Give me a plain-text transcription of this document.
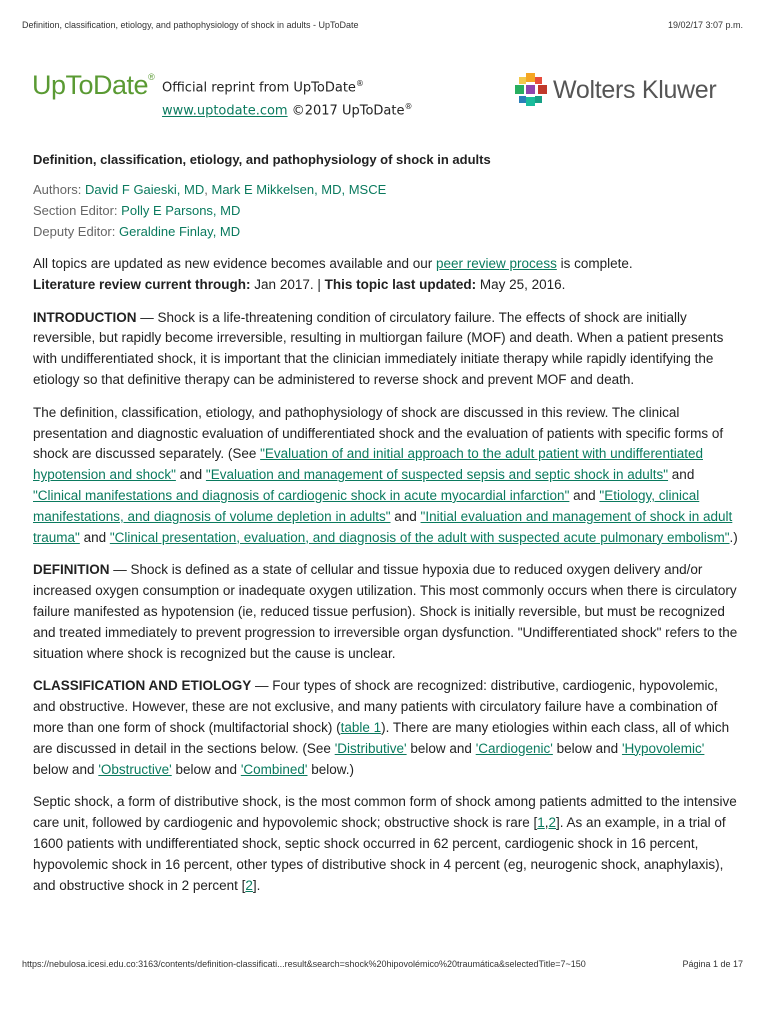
Definition, classification, etiology, and pathophysiology of shock in adults - UpToDate	19/02/17 3:07 p.m.
UpToDate®
Official reprint from UpToDate®
www.uptodate.com ©2017 UpToDate®
Wolters Kluwer
Definition, classification, etiology, and pathophysiology of shock in adults
Authors: David F Gaieski, MD, Mark E Mikkelsen, MD, MSCE
Section Editor: Polly E Parsons, MD
Deputy Editor: Geraldine Finlay, MD

All topics are updated as new evidence becomes available and our peer review process is complete.
Literature review current through: Jan 2017. | This topic last updated: May 25, 2016.

INTRODUCTION — Shock is a life-threatening condition of circulatory failure. The effects of shock are initially reversible, but rapidly become irreversible, resulting in multiorgan failure (MOF) and death. When a patient presents with undifferentiated shock, it is important that the clinician immediately initiate therapy while rapidly identifying the etiology so that definitive therapy can be administered to reverse shock and prevent MOF and death.

The definition, classification, etiology, and pathophysiology of shock are discussed in this review. The clinical presentation and diagnostic evaluation of undifferentiated shock and the evaluation of patients with specific forms of shock are discussed separately. (See "Evaluation of and initial approach to the adult patient with undifferentiated hypotension and shock" and "Evaluation and management of suspected sepsis and septic shock in adults" and "Clinical manifestations and diagnosis of cardiogenic shock in acute myocardial infarction" and "Etiology, clinical manifestations, and diagnosis of volume depletion in adults" and "Initial evaluation and management of shock in adult trauma" and "Clinical presentation, evaluation, and diagnosis of the adult with suspected acute pulmonary embolism".)

DEFINITION — Shock is defined as a state of cellular and tissue hypoxia due to reduced oxygen delivery and/or increased oxygen consumption or inadequate oxygen utilization. This most commonly occurs when there is circulatory failure manifested as hypotension (ie, reduced tissue perfusion). Shock is initially reversible, but must be recognized and treated immediately to prevent progression to irreversible organ dysfunction. "Undifferentiated shock" refers to the situation where shock is recognized but the cause is unclear.

CLASSIFICATION AND ETIOLOGY — Four types of shock are recognized: distributive, cardiogenic, hypovolemic, and obstructive. However, these are not exclusive, and many patients with circulatory failure have a combination of more than one form of shock (multifactorial shock) (table 1). There are many etiologies within each class, all of which are discussed in detail in the sections below. (See 'Distributive' below and 'Cardiogenic' below and 'Hypovolemic' below and 'Obstructive' below and 'Combined' below.)

Septic shock, a form of distributive shock, is the most common form of shock among patients admitted to the intensive care unit, followed by cardiogenic and hypovolemic shock; obstructive shock is rare [1,2]. As an example, in a trial of 1600 patients with undifferentiated shock, septic shock occurred in 62 percent, cardiogenic shock in 16 percent, hypovolemic shock in 16 percent, other types of distributive shock in 4 percent (eg, neurogenic shock, anaphylaxis), and obstructive shock in 2 percent [2].

https://nebulosa.icesi.edu.co:3163/contents/definition-classificati...result&search=shock%20hipovolémico%20traumática&selectedTitle=7~150	Página 1 de 17
